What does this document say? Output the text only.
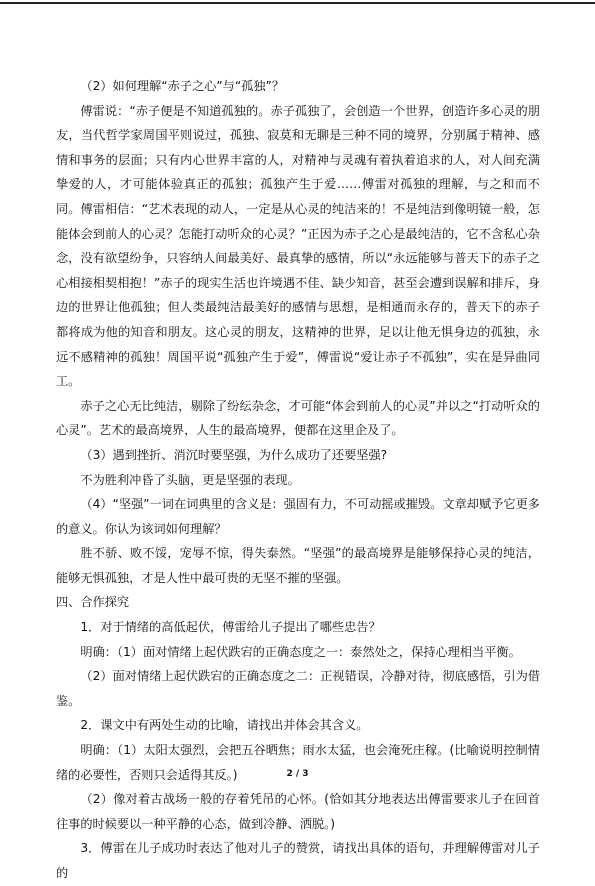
（2）如何理解“赤子之心”与“孤独”？

傅雷说：“赤子便是不知道孤独的。赤子孤独了，会创造一个世界，创造许多心灵的朋友，当代哲学家周国平则说过，孤独、寂莫和无聊是三种不同的境界，分别属于精神、感情和事务的层面；只有内心世界丰富的人，对精神与灵魂有着执着追求的人，对人间充满挚爱的人，才可能体验真正的孤独；孤独产生于爱……傅雷对孤独的理解，与之和而不同。傅雷相信：“艺术表现的动人，一定是从心灵的纯洁来的！不是纯洁到像明镜一般，怎能体会到前人的心灵？怎能打动听众的心灵？”正因为赤子之心是最纯洁的，它不含私心杂念，没有欲望纷争，只容纳人间最美好、最真挚的感情，所以“永远能够与普天下的赤子之心相接相契相抱！”赤子的现实生活也许境遇不佳、缺少知音，甚至会遭到误解和排斥，身边的世界让他孤独；但人类最纯洁最美好的感情与思想，是相通而永存的，普天下的赤子都将成为他的知音和朋友。这心灵的朋友，这精神的世界，足以让他无惧身边的孤独，永远不感精神的孤独！周国平说“孤独产生于爱”，傅雷说“爱让赤子不孤独”，实在是异曲同工。

赤子之心无比纯洁，剔除了纷纭杂念，才可能“体会到前人的心灵”并以之“打动听众的心灵”。艺术的最高境界，人生的最高境界，便都在这里企及了。

（3）遇到挫折、消沉时要坚强，为什么成功了还要坚强?

不为胜利冲昏了头脑，更是坚强的表现。

（4）“坚强”一词在词典里的含义是：强固有力，不可动摇或摧毁。文章却赋予它更多的意义。你认为该词如何理解？

胜不骄、败不馁，宠辱不惊，得失泰然。“坚强”的最高境界是能够保持心灵的纯洁，能够无惧孤独，才是人性中最可贵的无坚不摧的坚强。

四、合作探究

1．对于情绪的高低起伏，傅雷给儿子提出了哪些忠告？

明确：（1）面对情绪上起伏跌宕的正确态度之一：泰然处之，保持心理相当平衡。

（2）面对情绪上起伏跌宕的正确态度之二：正视错误，冷静对待，彻底感悟，引为借鉴。

2．课文中有两处生动的比喻，请找出并体会其含义。

明确：（1）太阳太强烈，会把五谷晒焦；雨水太猛，也会淹死庄稼。(比喻说明控制情绪的必要性，否则只会适得其反。)

（2）像对着古战场一般的存着凭吊的心怀。(恰如其分地表达出傅雷要求儿子在回首往事的时候要以一种平静的心态，做到冷静、洒脱。)

3．傅雷在儿子成功时表达了他对儿子的赞赏，请找出具体的语句，并理解傅雷对儿子的

2 / 3
